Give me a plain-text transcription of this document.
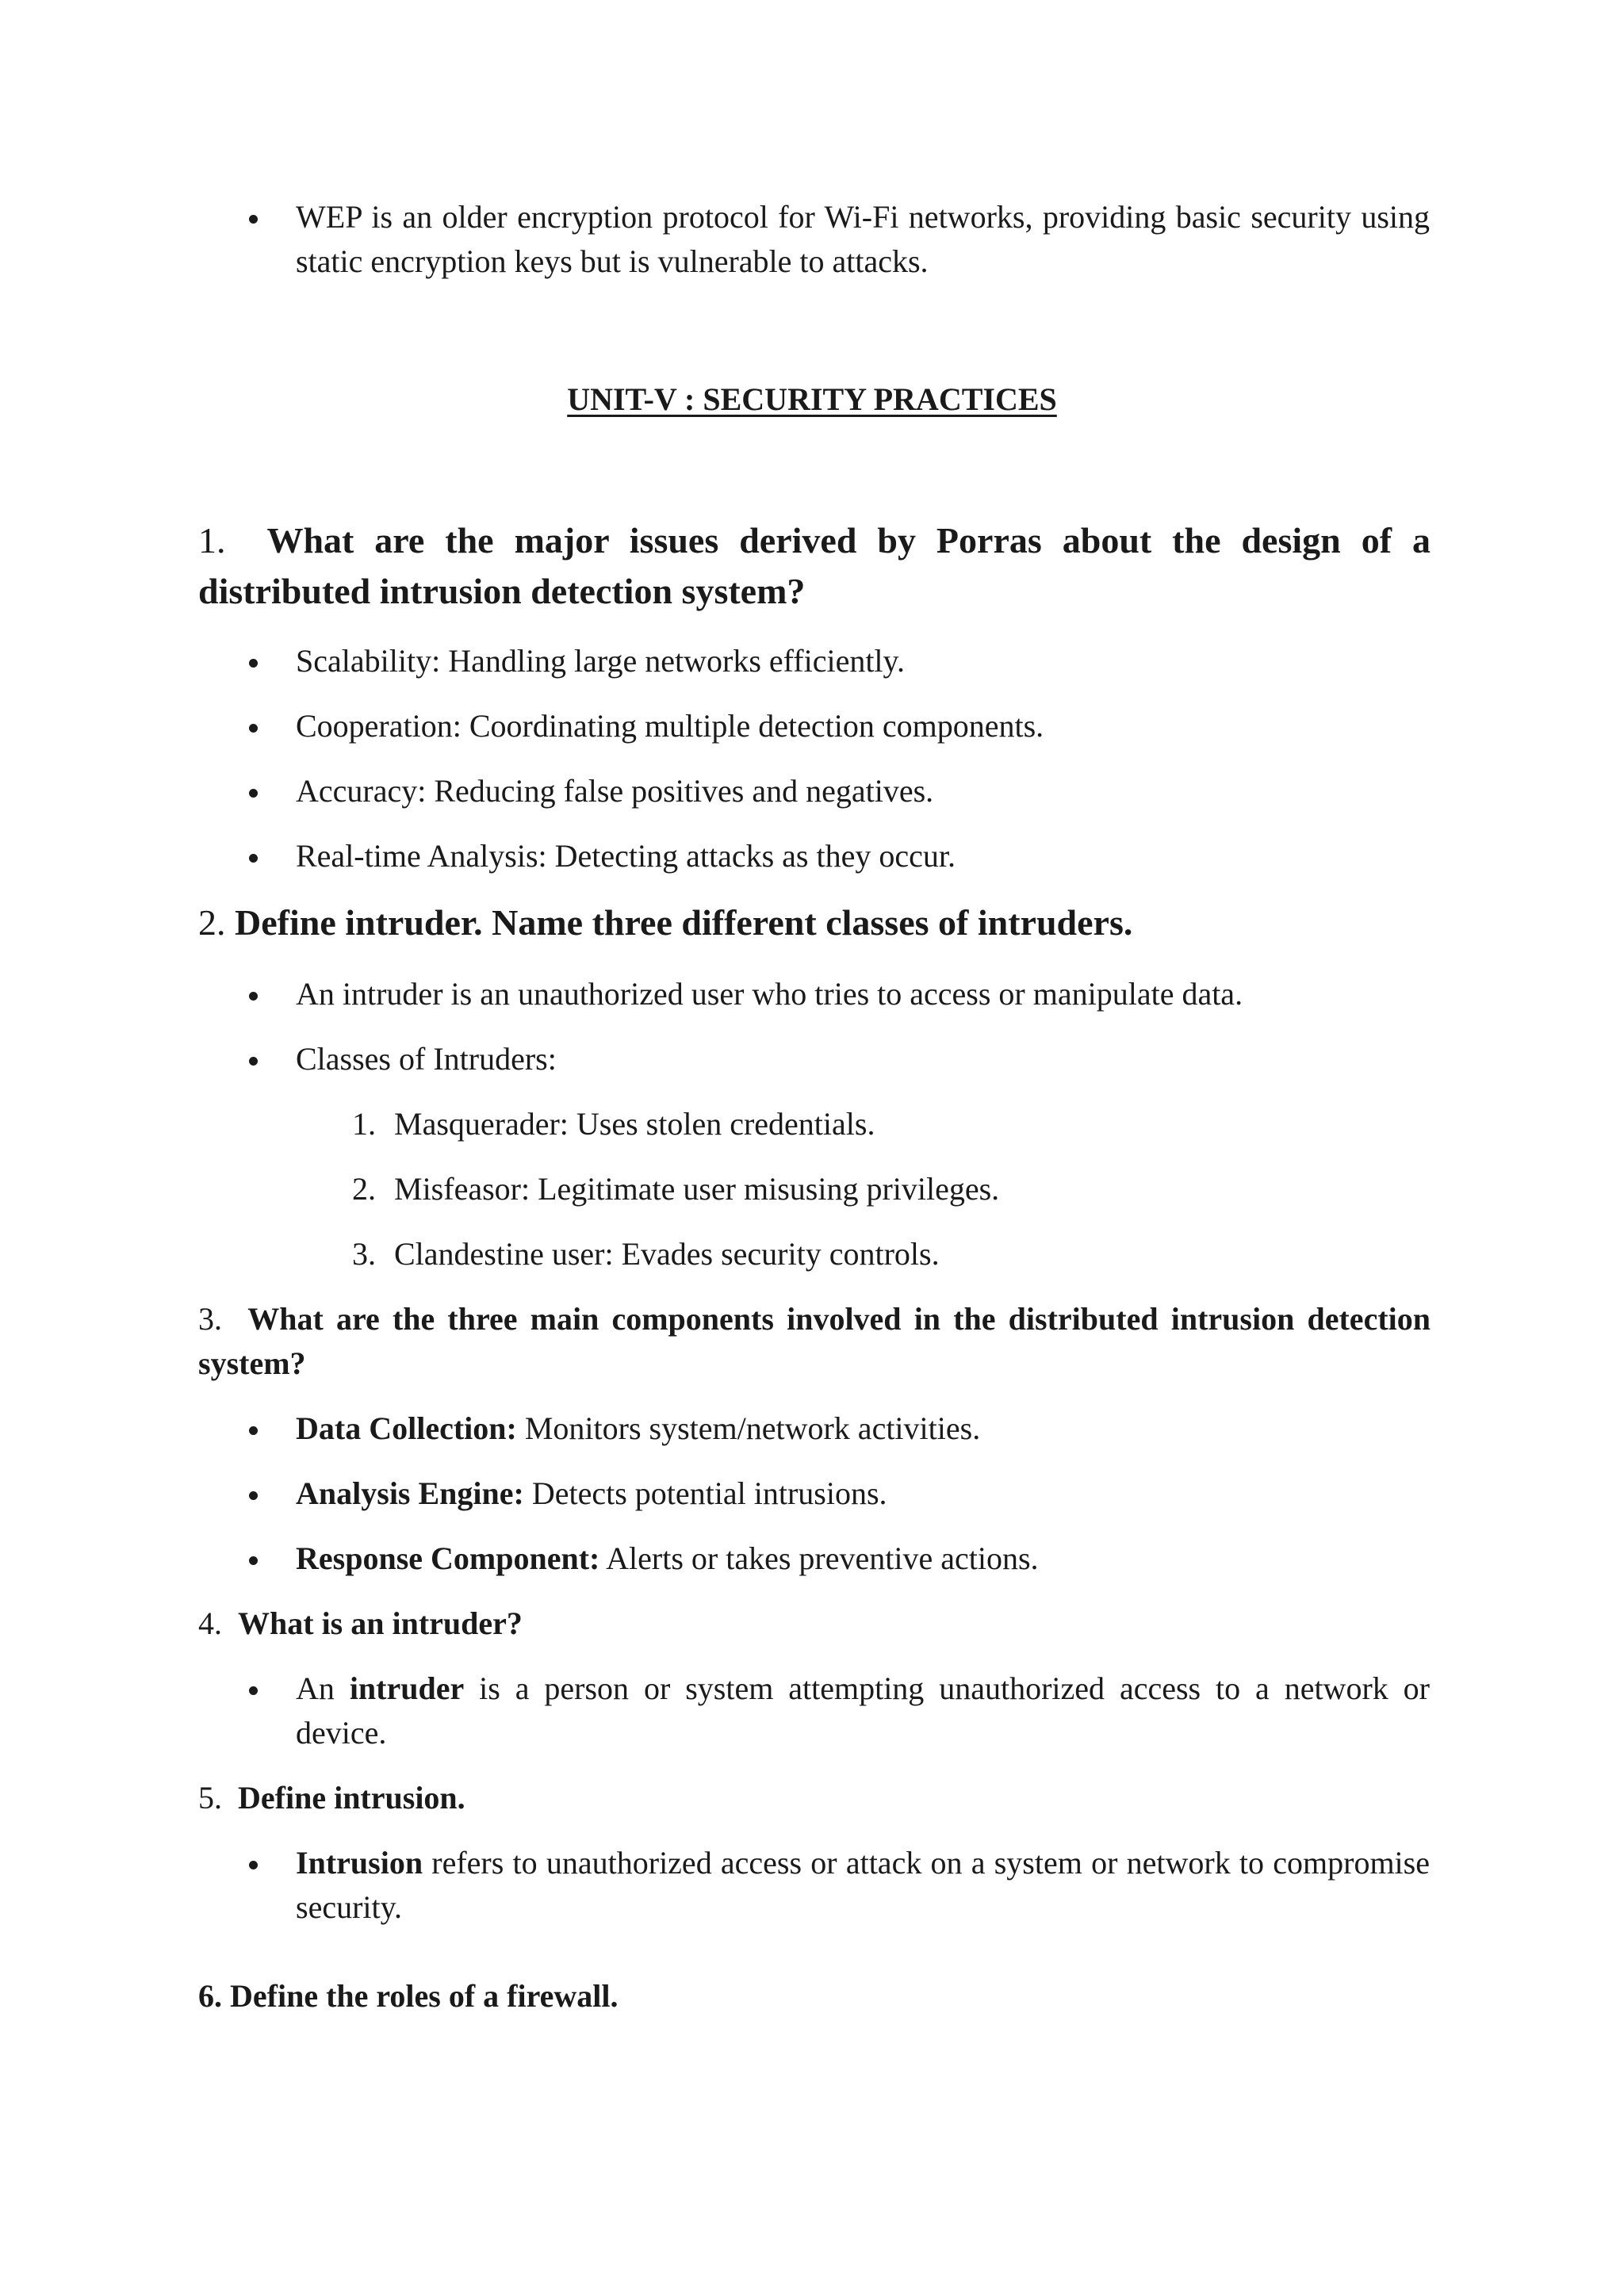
WEP is an older encryption protocol for Wi-Fi networks, providing basic security using static encryption keys but is vulnerable to attacks.
UNIT-V : SECURITY PRACTICES
1. What are the major issues derived by Porras about the design of a distributed intrusion detection system?
Scalability: Handling large networks efficiently.
Cooperation: Coordinating multiple detection components.
Accuracy: Reducing false positives and negatives.
Real-time Analysis: Detecting attacks as they occur.
2. Define intruder. Name three different classes of intruders.
An intruder is an unauthorized user who tries to access or manipulate data.
Classes of Intruders:
1. Masquerader: Uses stolen credentials.
2. Misfeasor: Legitimate user misusing privileges.
3. Clandestine user: Evades security controls.
3. What are the three main components involved in the distributed intrusion detection system?
Data Collection: Monitors system/network activities.
Analysis Engine: Detects potential intrusions.
Response Component: Alerts or takes preventive actions.
4. What is an intruder?
An intruder is a person or system attempting unauthorized access to a network or device.
5. Define intrusion.
Intrusion refers to unauthorized access or attack on a system or network to compromise security.
6. Define the roles of a firewall.
